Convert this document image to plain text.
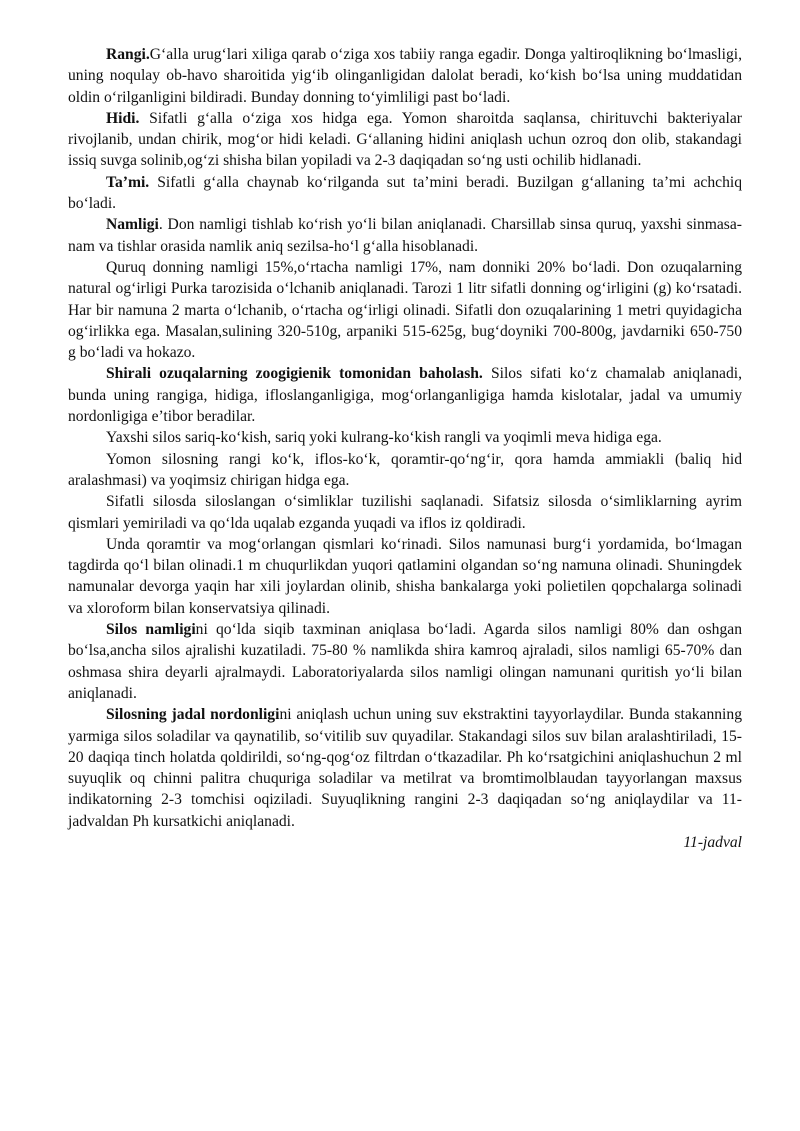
Rangi.G‘alla urug‘lari xiliga qarab o‘ziga xos tabiiy ranga egadir. Donga yaltiroqlikning bo‘lmasligi, uning noqulay ob-havo sharoitida yig‘ib olinganligidan dalolat beradi, ko‘kish bo‘lsa uning muddatidan oldin o‘rilganligini bildiradi. Bunday donning to‘yimliligi past bo‘ladi.

Hidi. Sifatli g‘alla o‘ziga xos hidga ega. Yomon sharoitda saqlansa, chirituvchi bakteriyalar rivojlanib, undan chirik, mog‘or hidi keladi. G‘allaning hidini aniqlash uchun ozroq don olib, stakandagi issiq suvga solinib,og‘zi shisha bilan yopiladi va 2-3 daqiqadan so‘ng usti ochilib hidlanadi.

Ta’mi. Sifatli g‘alla chaynab ko‘rilganda sut ta’mini beradi. Buzilgan g‘allaning ta’mi achchiq bo‘ladi.

Namligi. Don namligi tishlab ko‘rish yo‘li bilan aniqlanadi. Charsillab sinsa quruq, yaxshi sinmasa-nam va tishlar orasida namlik aniq sezilsa-ho‘l g‘alla hisoblanadi.

Quruq donning namligi 15%,o‘rtacha namligi 17%, nam donniki 20% bo‘ladi. Don ozuqalarning natural og‘irligi Purka tarozisida o‘lchanib aniqlanadi. Tarozi 1 litr sifatli donning og‘irligini (g) ko‘rsatadi. Har bir namuna 2 marta o‘lchanib, o‘rtacha og‘irligi olinadi. Sifatli don ozuqalarining 1 metri quyidagicha og‘irlikka ega. Masalan,sulining 320-510g, arpaniki 515-625g, bug‘doyniki 700-800g, javdarniki 650-750 g bo‘ladi va hokazo.

Shirali ozuqalarning zoogigienik tomonidan baholash. Silos sifati ko‘z chamalab aniqlanadi, bunda uning rangiga, hidiga, ifloslanganligiga, mog‘orlanganligiga hamda kislotalar, jadal va umumiy nordonligiga e’tibor beradilar.

Yaxshi silos sariq-ko‘kish, sariq yoki kulrang-ko‘kish rangli va yoqimli meva hidiga ega.

Yomon silosning rangi ko‘k, iflos-ko‘k, qoramtir-qo‘ng‘ir, qora hamda ammiakli (baliq hid aralashmasi) va yoqimsiz chirigan hidga ega.

Sifatli silosda siloslangan o‘simliklar tuzilishi saqlanadi. Sifatsiz silosda o‘simliklarning ayrim qismlari yemiriladi va qo‘lda uqalab ezganda yuqadi va iflos iz qoldiradi.

Unda qoramtir va mog‘orlangan qismlari ko‘rinadi. Silos namunasi burg‘i yordamida, bo‘lmagan tagdirda qo‘l bilan olinadi.1 m chuqurlikdan yuqori qatlamini olgandan so‘ng namuna olinadi. Shuningdek namunalar devorga yaqin har xili joylardan olinib, shisha bankalarga yoki polietilen qopchalarga solinadi va xloroform bilan konservatsiya qilinadi.

Silos namligini qo‘lda siqib taxminan aniqlasa bo‘ladi. Agarda silos namligi 80% dan oshgan bo‘lsa,ancha silos ajralishi kuzatiladi. 75-80 % namlikda shira kamroq ajraladi, silos namligi 65-70% dan oshmasa shira deyarli ajralmaydi. Laboratoriyalarda silos namligi olingan namunani quritish yo‘li bilan aniqlanadi.

Silosning jadal nordonligini aniqlash uchun uning suv ekstraktini tayyorlaydilar. Bunda stakanning yarmiga silos soladilar va qaynatilib, so‘vitilib suv quyadilar. Stakandagi silos suv bilan aralashtiriladi, 15-20 daqiqa tinch holatda qoldirildi, so‘ng-qog‘oz filtrdan o‘tkazadilar. Ph ko‘rsatgichini aniqlashuchun 2 ml suyuqlik oq chinni palitra chuquriga soladilar va metilrat va bromtimolblaudan tayyorlangan maxsus indikatorning 2-3 tomchisi oqiziladi. Suyuqlikning rangini 2-3 daqiqadan so‘ng aniqlaydilar va 11- jadvaldan Ph kursatkichi aniqlanadi.

11-jadval
